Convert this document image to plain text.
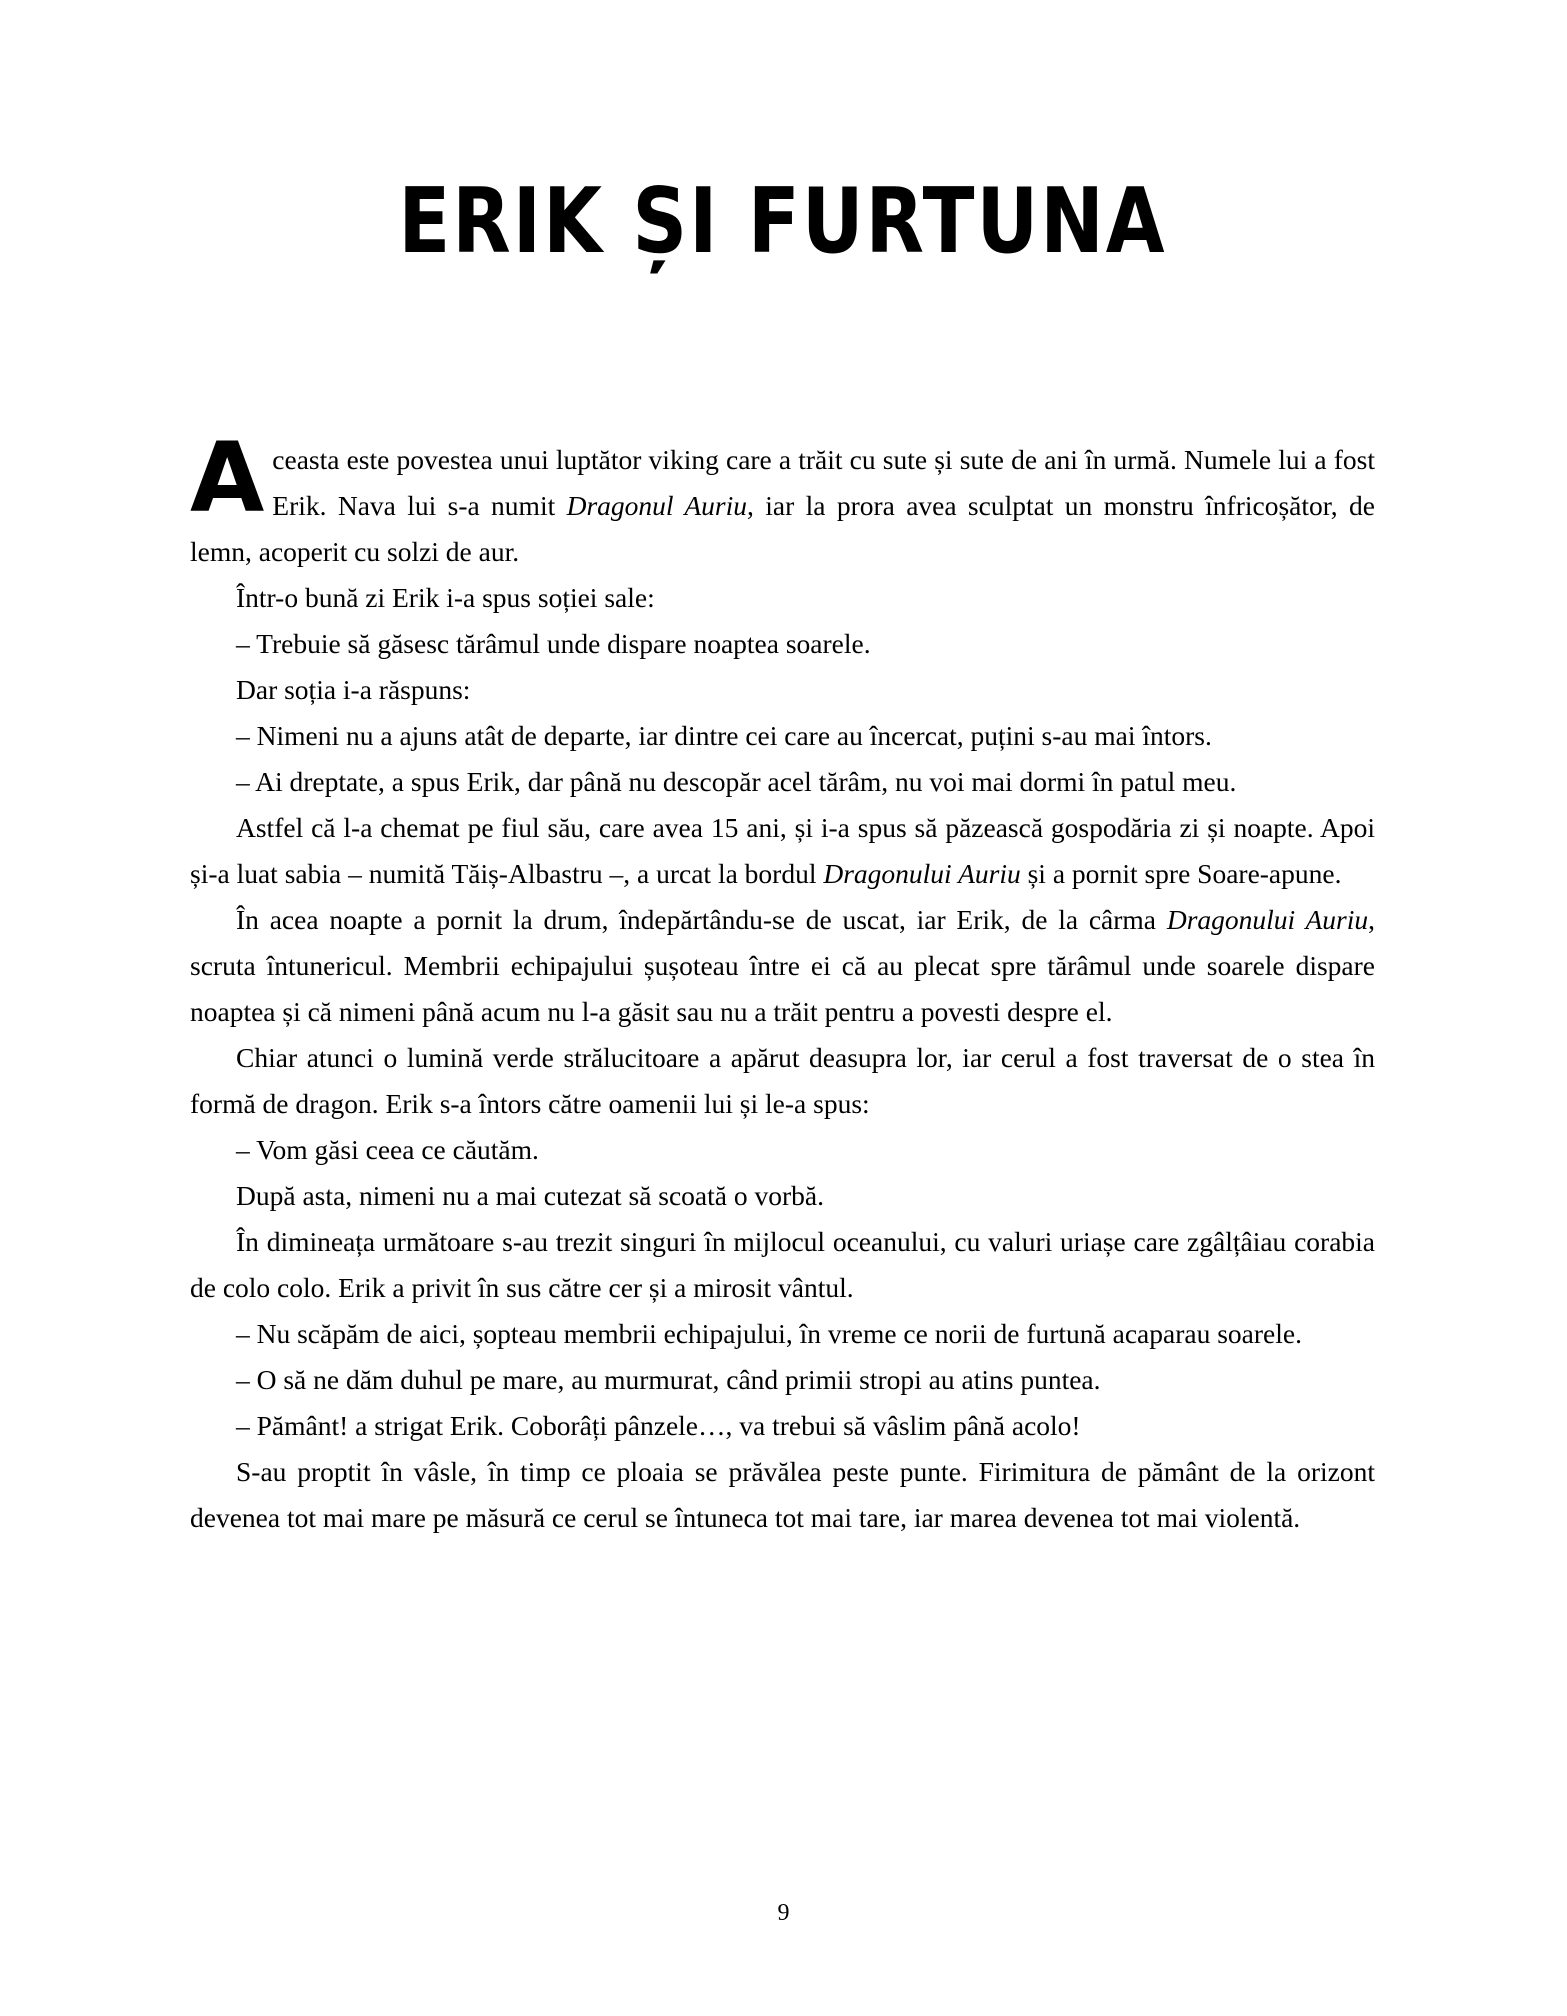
ERIK ȘI FURTUNA

Aceasta este povestea unui luptător viking care a trăit cu sute și sute de ani în urmă. Numele lui a fost Erik. Nava lui s-a numit Dragonul Auriu, iar la prora avea sculptat un monstru înfricoșător, de lemn, acoperit cu solzi de aur.

Într-o bună zi Erik i-a spus soției sale:

– Trebuie să găsesc tărâmul unde dispare noaptea soarele.

Dar soția i-a răspuns:

– Nimeni nu a ajuns atât de departe, iar dintre cei care au încercat, puțini s-au mai întors.

– Ai dreptate, a spus Erik, dar până nu descopăr acel tărâm, nu voi mai dormi în patul meu.

Astfel că l-a chemat pe fiul său, care avea 15 ani, și i-a spus să păzească gospodăria zi și noapte. Apoi și-a luat sabia – numită Tăiș-Albastru –, a urcat la bordul Dragonului Auriu și a pornit spre Soare-apune.

În acea noapte a pornit la drum, îndepărtându-se de uscat, iar Erik, de la cârma Dragonului Auriu, scruta întunericul. Membrii echipajului șușoteau între ei că au plecat spre tărâmul unde soarele dispare noaptea și că nimeni până acum nu l-a găsit sau nu a trăit pentru a povesti despre el.

Chiar atunci o lumină verde strălucitoare a apărut deasupra lor, iar cerul a fost traversat de o stea în formă de dragon. Erik s-a întors către oamenii lui și le-a spus:

– Vom găsi ceea ce căutăm.

După asta, nimeni nu a mai cutezat să scoată o vorbă.

În dimineața următoare s-au trezit singuri în mijlocul oceanului, cu valuri uriașe care zgâlțâiau corabia de colo colo. Erik a privit în sus către cer și a mirosit vântul.

– Nu scăpăm de aici, șopteau membrii echipajului, în vreme ce norii de furtună acaparau soarele.

– O să ne dăm duhul pe mare, au murmurat, când primii stropi au atins puntea.

– Pământ! a strigat Erik. Coborâți pânzele…, va trebui să vâslim până acolo!

S-au proptit în vâsle, în timp ce ploaia se prăvălea peste punte. Firimitura de pământ de la orizont devenea tot mai mare pe măsură ce cerul se întuneca tot mai tare, iar marea devenea tot mai violentă.

9
